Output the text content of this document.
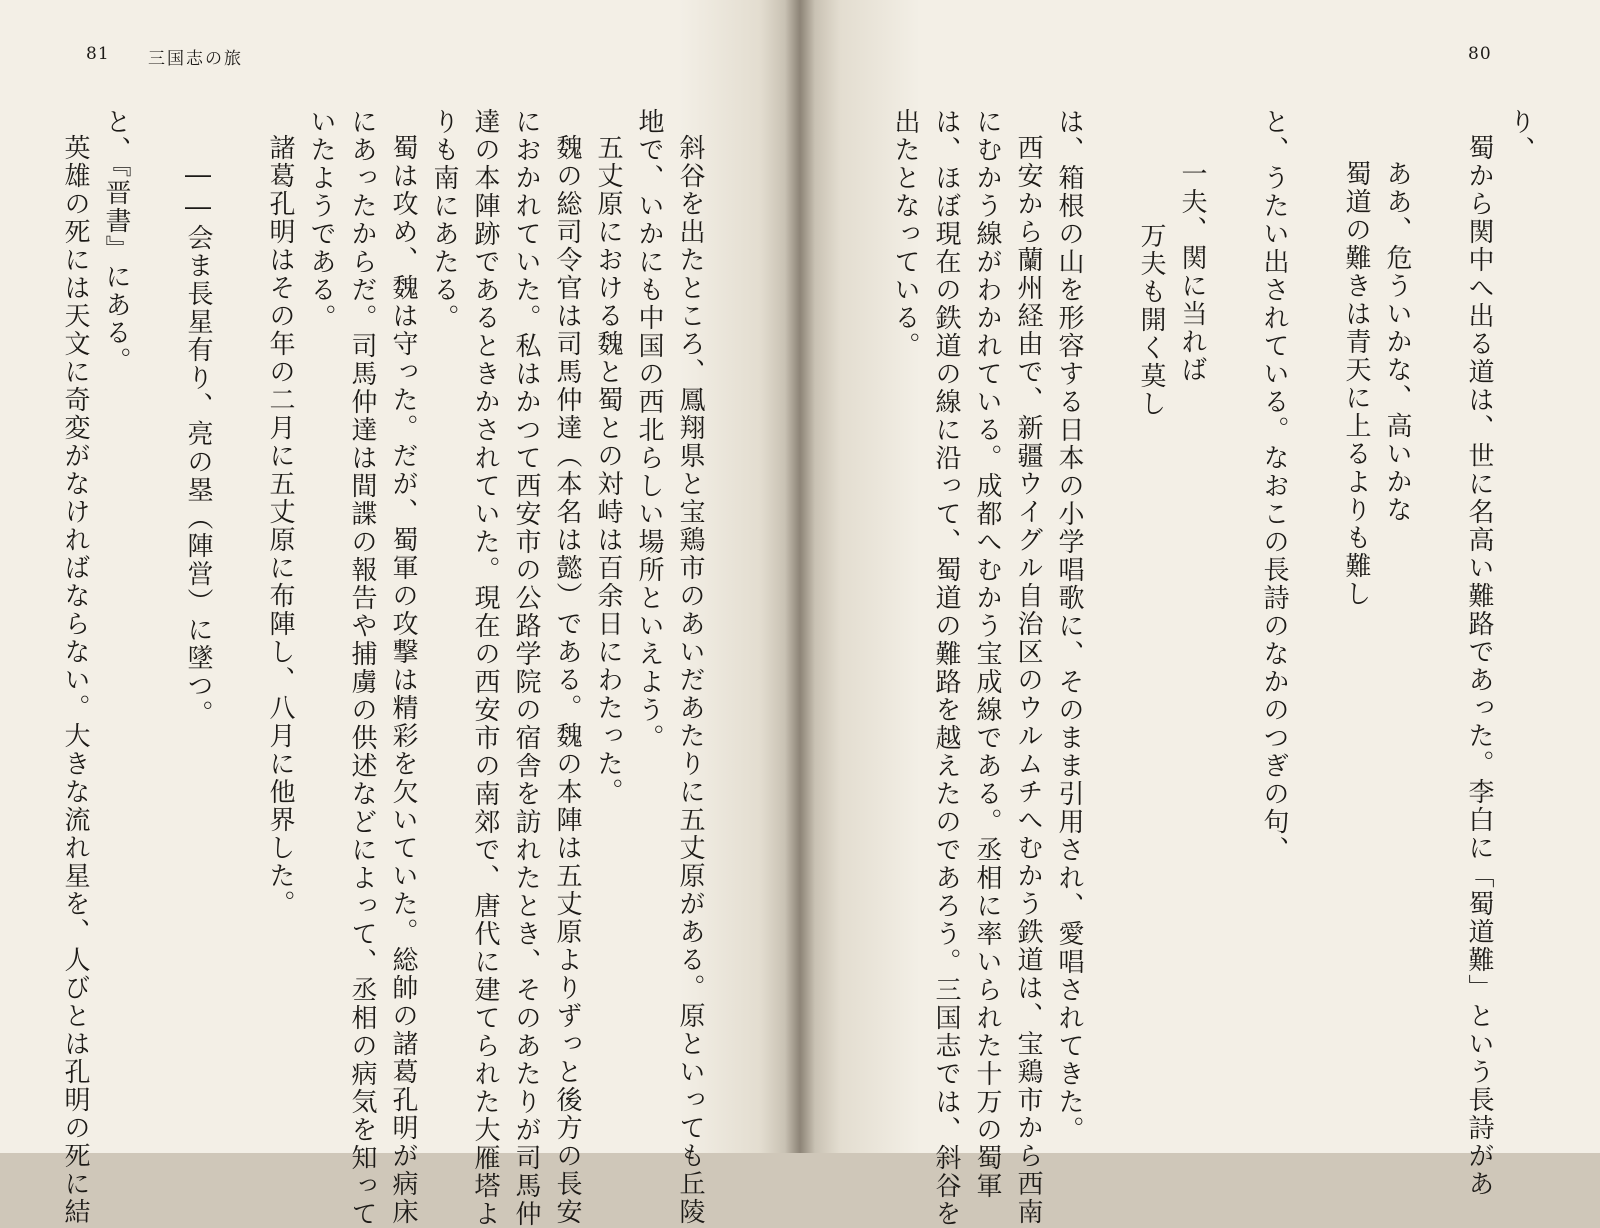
81 三国志の旅
斜谷を出たところ、鳳翔県と宝鶏市のあいだあたりに五丈原がある。原といっても丘陵
地で、いかにも中国の西北らしい場所といえよう。
五丈原における魏と蜀との対峙は百余日にわたった。
魏の総司令官は司馬仲達（本名は懿）である。魏の本陣は五丈原よりずっと後方の長安
におかれていた。私はかつて西安市の公路学院の宿舎を訪れたとき、そのあたりが司馬仲
達の本陣跡であるときかされていた。現在の西安市の南郊で、唐代に建てられた大雁塔よ
りも南にあたる。
蜀は攻め、魏は守った。だが、蜀軍の攻撃は精彩を欠いていた。総帥の諸葛孔明が病床
にあったからだ。司馬仲達は間諜の報告や捕虜の供述などによって、丞相の病気を知って
いたようである。
諸葛孔明はその年の二月に五丈原に布陣し、八月に他界した。

――会ま長星有り、亮の塁（陣営）に墜つ。

と、『晋書』にある。
英雄の死には天文に奇変がなければならない。大きな流れ星を、人びとは孔明の死に結
80
り、
蜀から関中へ出る道は、世に名高い難路であった。李白に「蜀道難」という長詩があ

ああ、危ういかな、高いかな
蜀道の難きは青天に上るよりも難し

と、うたい出されている。なおこの長詩のなかのつぎの句、

一夫、関に当れば
万夫も開く莫し

は、箱根の山を形容する日本の小学唱歌に、そのまま引用され、愛唱されてきた。
西安から蘭州経由で、新疆ウイグル自治区のウルムチへむかう鉄道は、宝鶏市から西南
にむかう線がわかれている。成都へむかう宝成線である。丞相に率いられた十万の蜀軍
は、ほぼ現在の鉄道の線に沿って、蜀道の難路を越えたのであろう。三国志では、斜谷を
出たとなっている。
